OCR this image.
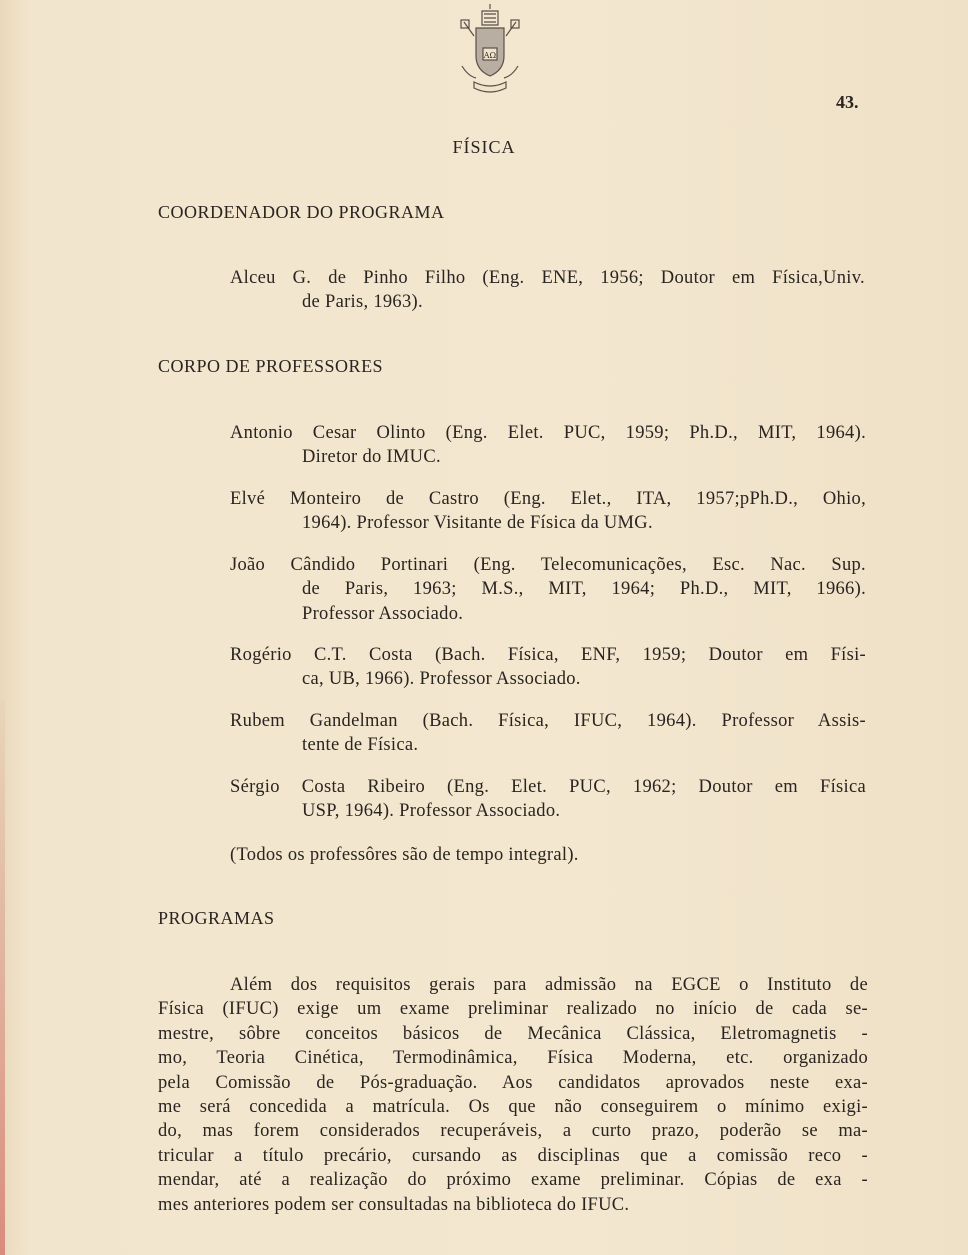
AΩ
43.
FÍSICA
COORDENADOR DO PROGRAMA
CORPO DE PROFESSORES
PROGRAMAS
Alceu G. de Pinho Filho (Eng. ENE, 1956; Doutor em Física,Univ.
de Paris, 1963).
Antonio Cesar Olinto (Eng. Elet. PUC, 1959; Ph.D., MIT, 1964).
Diretor do IMUC.
Elvé Monteiro de Castro (Eng. Elet., ITA, 1957;pPh.D., Ohio,
1964). Professor Visitante de Física da UMG.
João Cândido Portinari (Eng. Telecomunicações, Esc. Nac. Sup.
de Paris, 1963; M.S., MIT, 1964; Ph.D., MIT, 1966).
Professor Associado.
Rogério C.T. Costa (Bach. Física, ENF, 1959; Doutor em Físi-
ca, UB, 1966). Professor Associado.
Rubem Gandelman (Bach. Física, IFUC, 1964). Professor Assis-
tente de Física.
Sérgio Costa Ribeiro (Eng. Elet. PUC, 1962; Doutor em Física
USP, 1964). Professor Associado.
Além dos requisitos gerais para admissão na EGCE o Instituto de
Física (IFUC) exige um exame preliminar realizado no início de cada se-
mestre, sôbre conceitos básicos de Mecânica Clássica, Eletromagnetis -
mo, Teoria Cinética, Termodinâmica, Física Moderna, etc. organizado
pela Comissão de Pós-graduação. Aos candidatos aprovados neste exa-
me será concedida a matrícula. Os que não conseguirem o mínimo exigi-
do, mas forem considerados recuperáveis, a curto prazo, poderão se ma-
tricular a título precário, cursando as disciplinas que a comissão reco -
mendar, até a realização do próximo exame preliminar. Cópias de exa -
mes anteriores podem ser consultadas na biblioteca do IFUC.
(Todos os professôres são de tempo integral).
